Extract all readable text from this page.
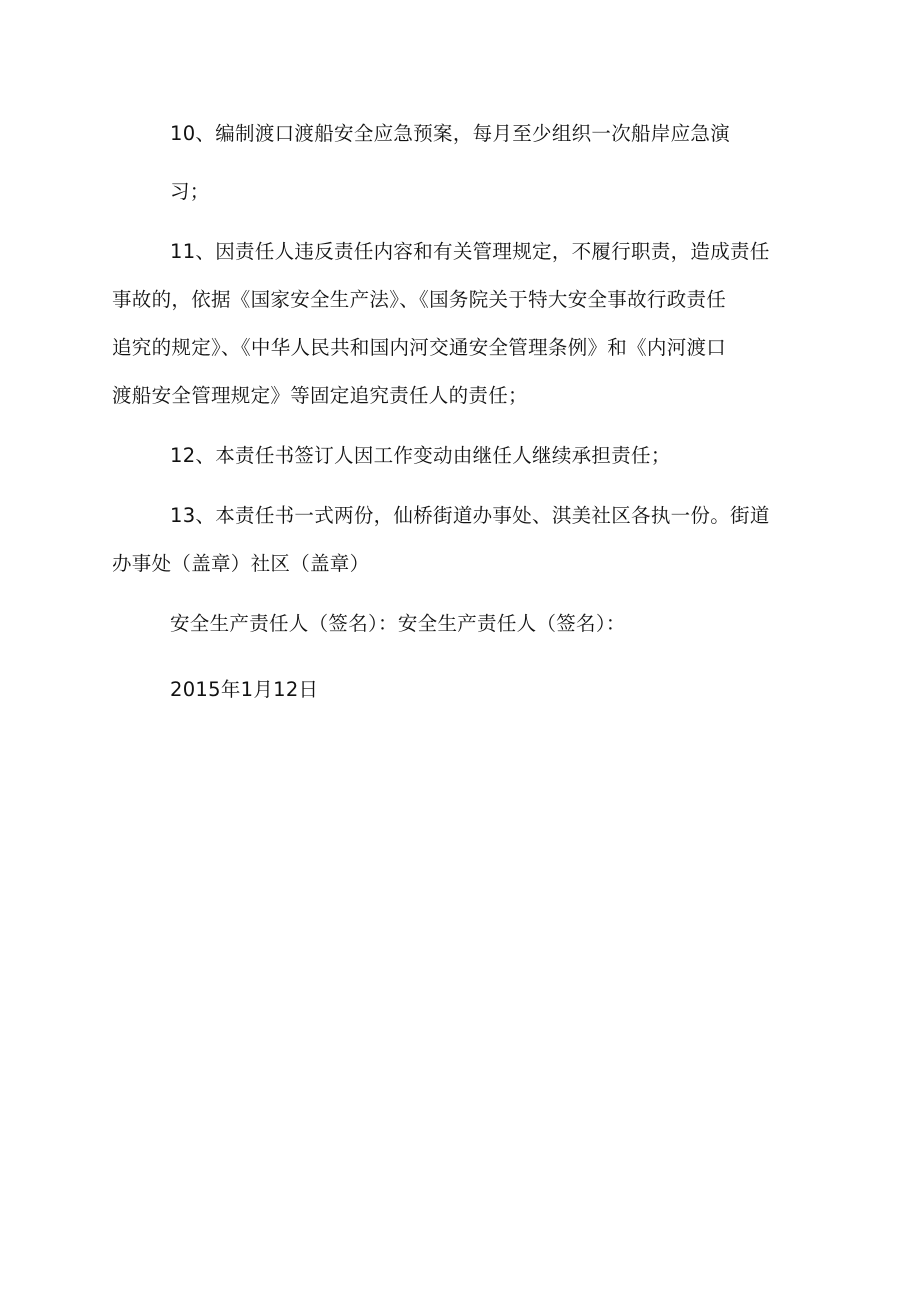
10、编制渡口渡船安全应急预案，每月至少组织一次船岸应急演
习；
11、因责任人违反责任内容和有关管理规定，不履行职责，造成责任
事故的，依据《国家安全生产法》、《国务院关于特大安全事故行政责任
追究的规定》、《中华人民共和国内河交通安全管理条例》和《内河渡口
渡船安全管理规定》等固定追究责任人的责任；
12、本责任书签订人因工作变动由继任人继续承担责任；
13、本责任书一式两份，仙桥街道办事处、淇美社区各执一份。街道
办事处（盖章）社区（盖章）
安全生产责任人（签名）：安全生产责任人（签名）：
2015年1月12日
